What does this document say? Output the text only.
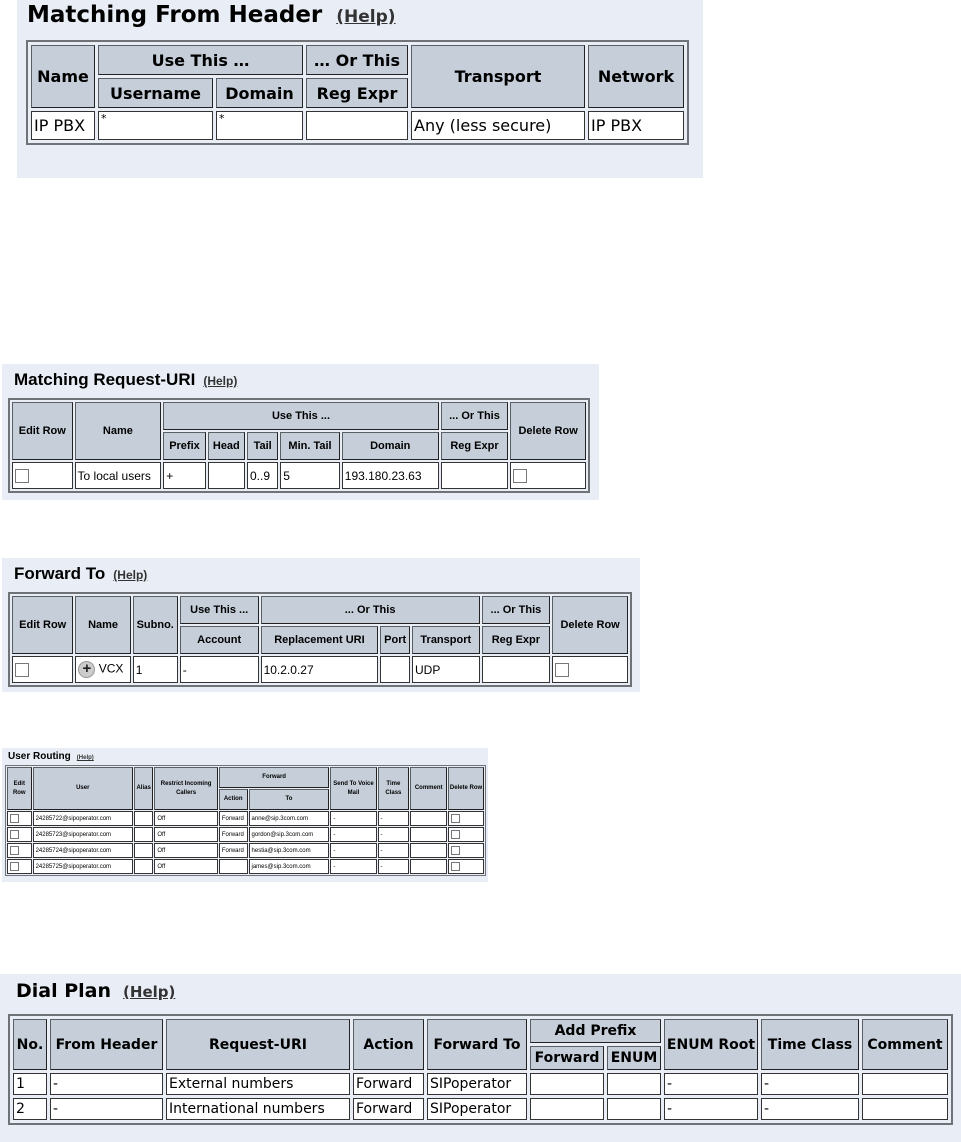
Matching From Header (Help)
Name	Use This …		… Or This	Transport	Network
	Username	Domain	Reg Expr		
IP PBX	*	*		Any (less secure)	IP PBX
Matching Request-URI (Help)
Edit Row	Name	Use This ...					... Or This	Delete Row
		Prefix	Head	Tail	Min. Tail	Domain	Reg Expr	
	To local users	+		0..9	5	193.180.23.63		
Forward To (Help)
Edit Row	Name	Subno.	Use This ...	... Or This			... Or This	Delete Row
			Account	Replacement URI	Port	Transport	Reg Expr	
	+ VCX	1	-	10.2.0.27		UDP		
User Routing (Help)
Edit Row	User	Alias	Restrict Incoming Callers	Forward		Send To Voice Mail	Time Class	Comment	Delete Row
				Action	To				
	24285722@sipoperator.com		Off	Forward	anne@sip.3com.com	-	-		
	24285723@sipoperator.com		Off	Forward	gordon@sip.3com.com	-	-		
	24285724@sipoperator.com		Off	Forward	hestia@sip.3com.com	-	-		
	24285725@sipoperator.com		Off		james@sip.3com.com	-	-		
Dial Plan (Help)
No.	From Header	Request-URI	Action	Forward To	Add Prefix		ENUM Root	Time Class	Comment
					Forward	ENUM			
1	-	External numbers	Forward	SIPoperator			-	-	
2	-	International numbers	Forward	SIPoperator			-	-	
